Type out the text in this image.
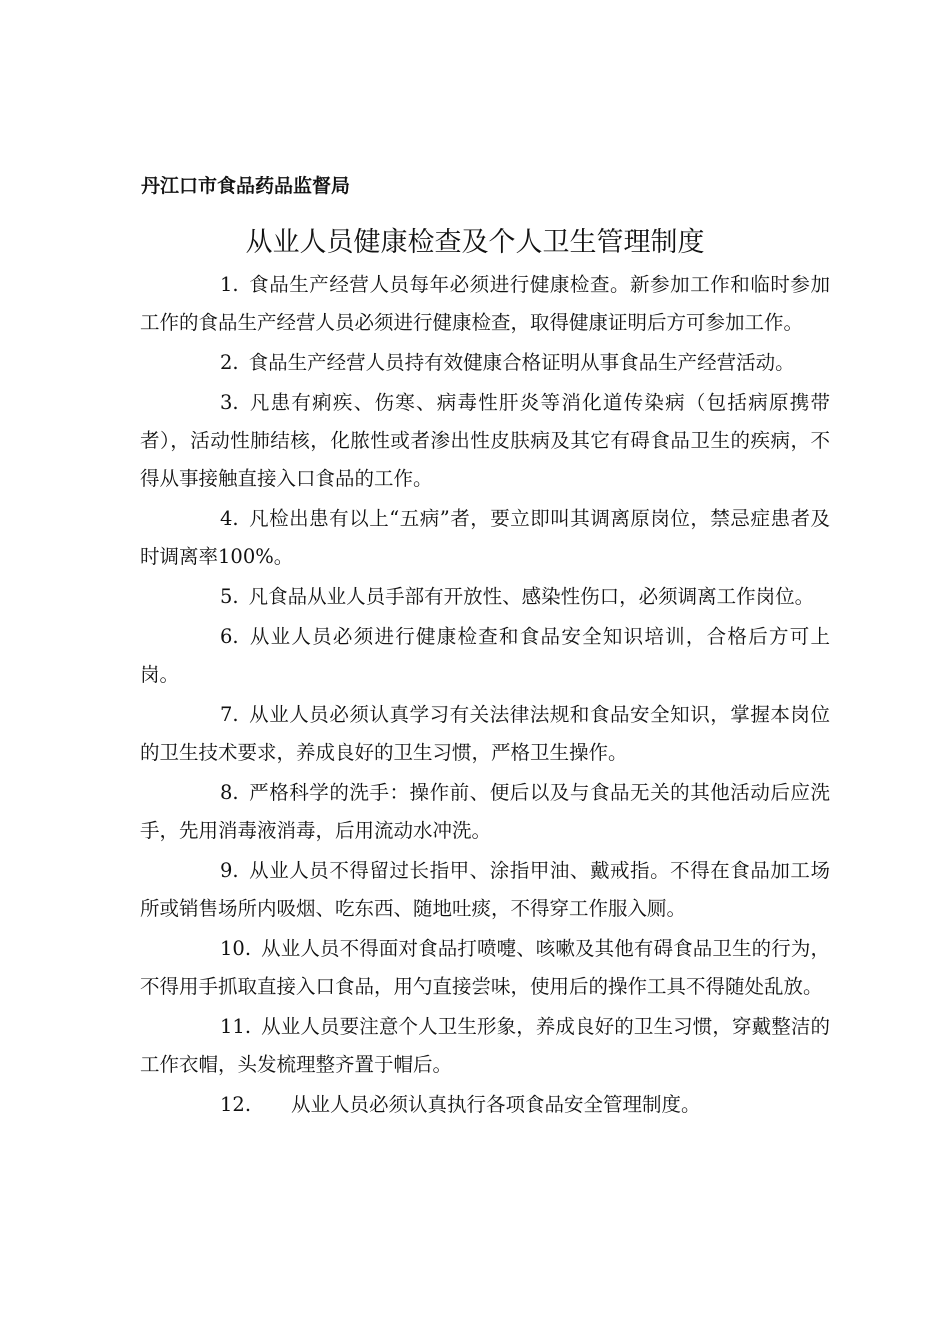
丹江口市食品药品监督局
从业人员健康检查及个人卫生管理制度

1. 食品生产经营人员每年必须进行健康检查。新参加工作和临时参加工作的食品生产经营人员必须进行健康检查，取得健康证明后方可参加工作。

2. 食品生产经营人员持有效健康合格证明从事食品生产经营活动。

3. 凡患有痢疾、伤寒、病毒性肝炎等消化道传染病（包括病原携带者），活动性肺结核，化脓性或者渗出性皮肤病及其它有碍食品卫生的疾病，不得从事接触直接入口食品的工作。

4. 凡检出患有以上“五病”者，要立即叫其调离原岗位，禁忌症患者及时调离率100%。

5. 凡食品从业人员手部有开放性、感染性伤口，必须调离工作岗位。

6. 从业人员必须进行健康检查和食品安全知识培训，合格后方可上岗。

7. 从业人员必须认真学习有关法律法规和食品安全知识，掌握本岗位的卫生技术要求，养成良好的卫生习惯，严格卫生操作。

8. 严格科学的洗手：操作前、便后以及与食品无关的其他活动后应洗手，先用消毒液消毒，后用流动水冲洗。

9. 从业人员不得留过长指甲、涂指甲油、戴戒指。不得在食品加工场所或销售场所内吸烟、吃东西、随地吐痰，不得穿工作服入厕。

10. 从业人员不得面对食品打喷嚏、咳嗽及其他有碍食品卫生的行为，不得用手抓取直接入口食品，用勺直接尝味，使用后的操作工具不得随处乱放。

11. 从业人员要注意个人卫生形象，养成良好的卫生习惯，穿戴整洁的工作衣帽，头发梳理整齐置于帽后。

12. 从业人员必须认真执行各项食品安全管理制度。
